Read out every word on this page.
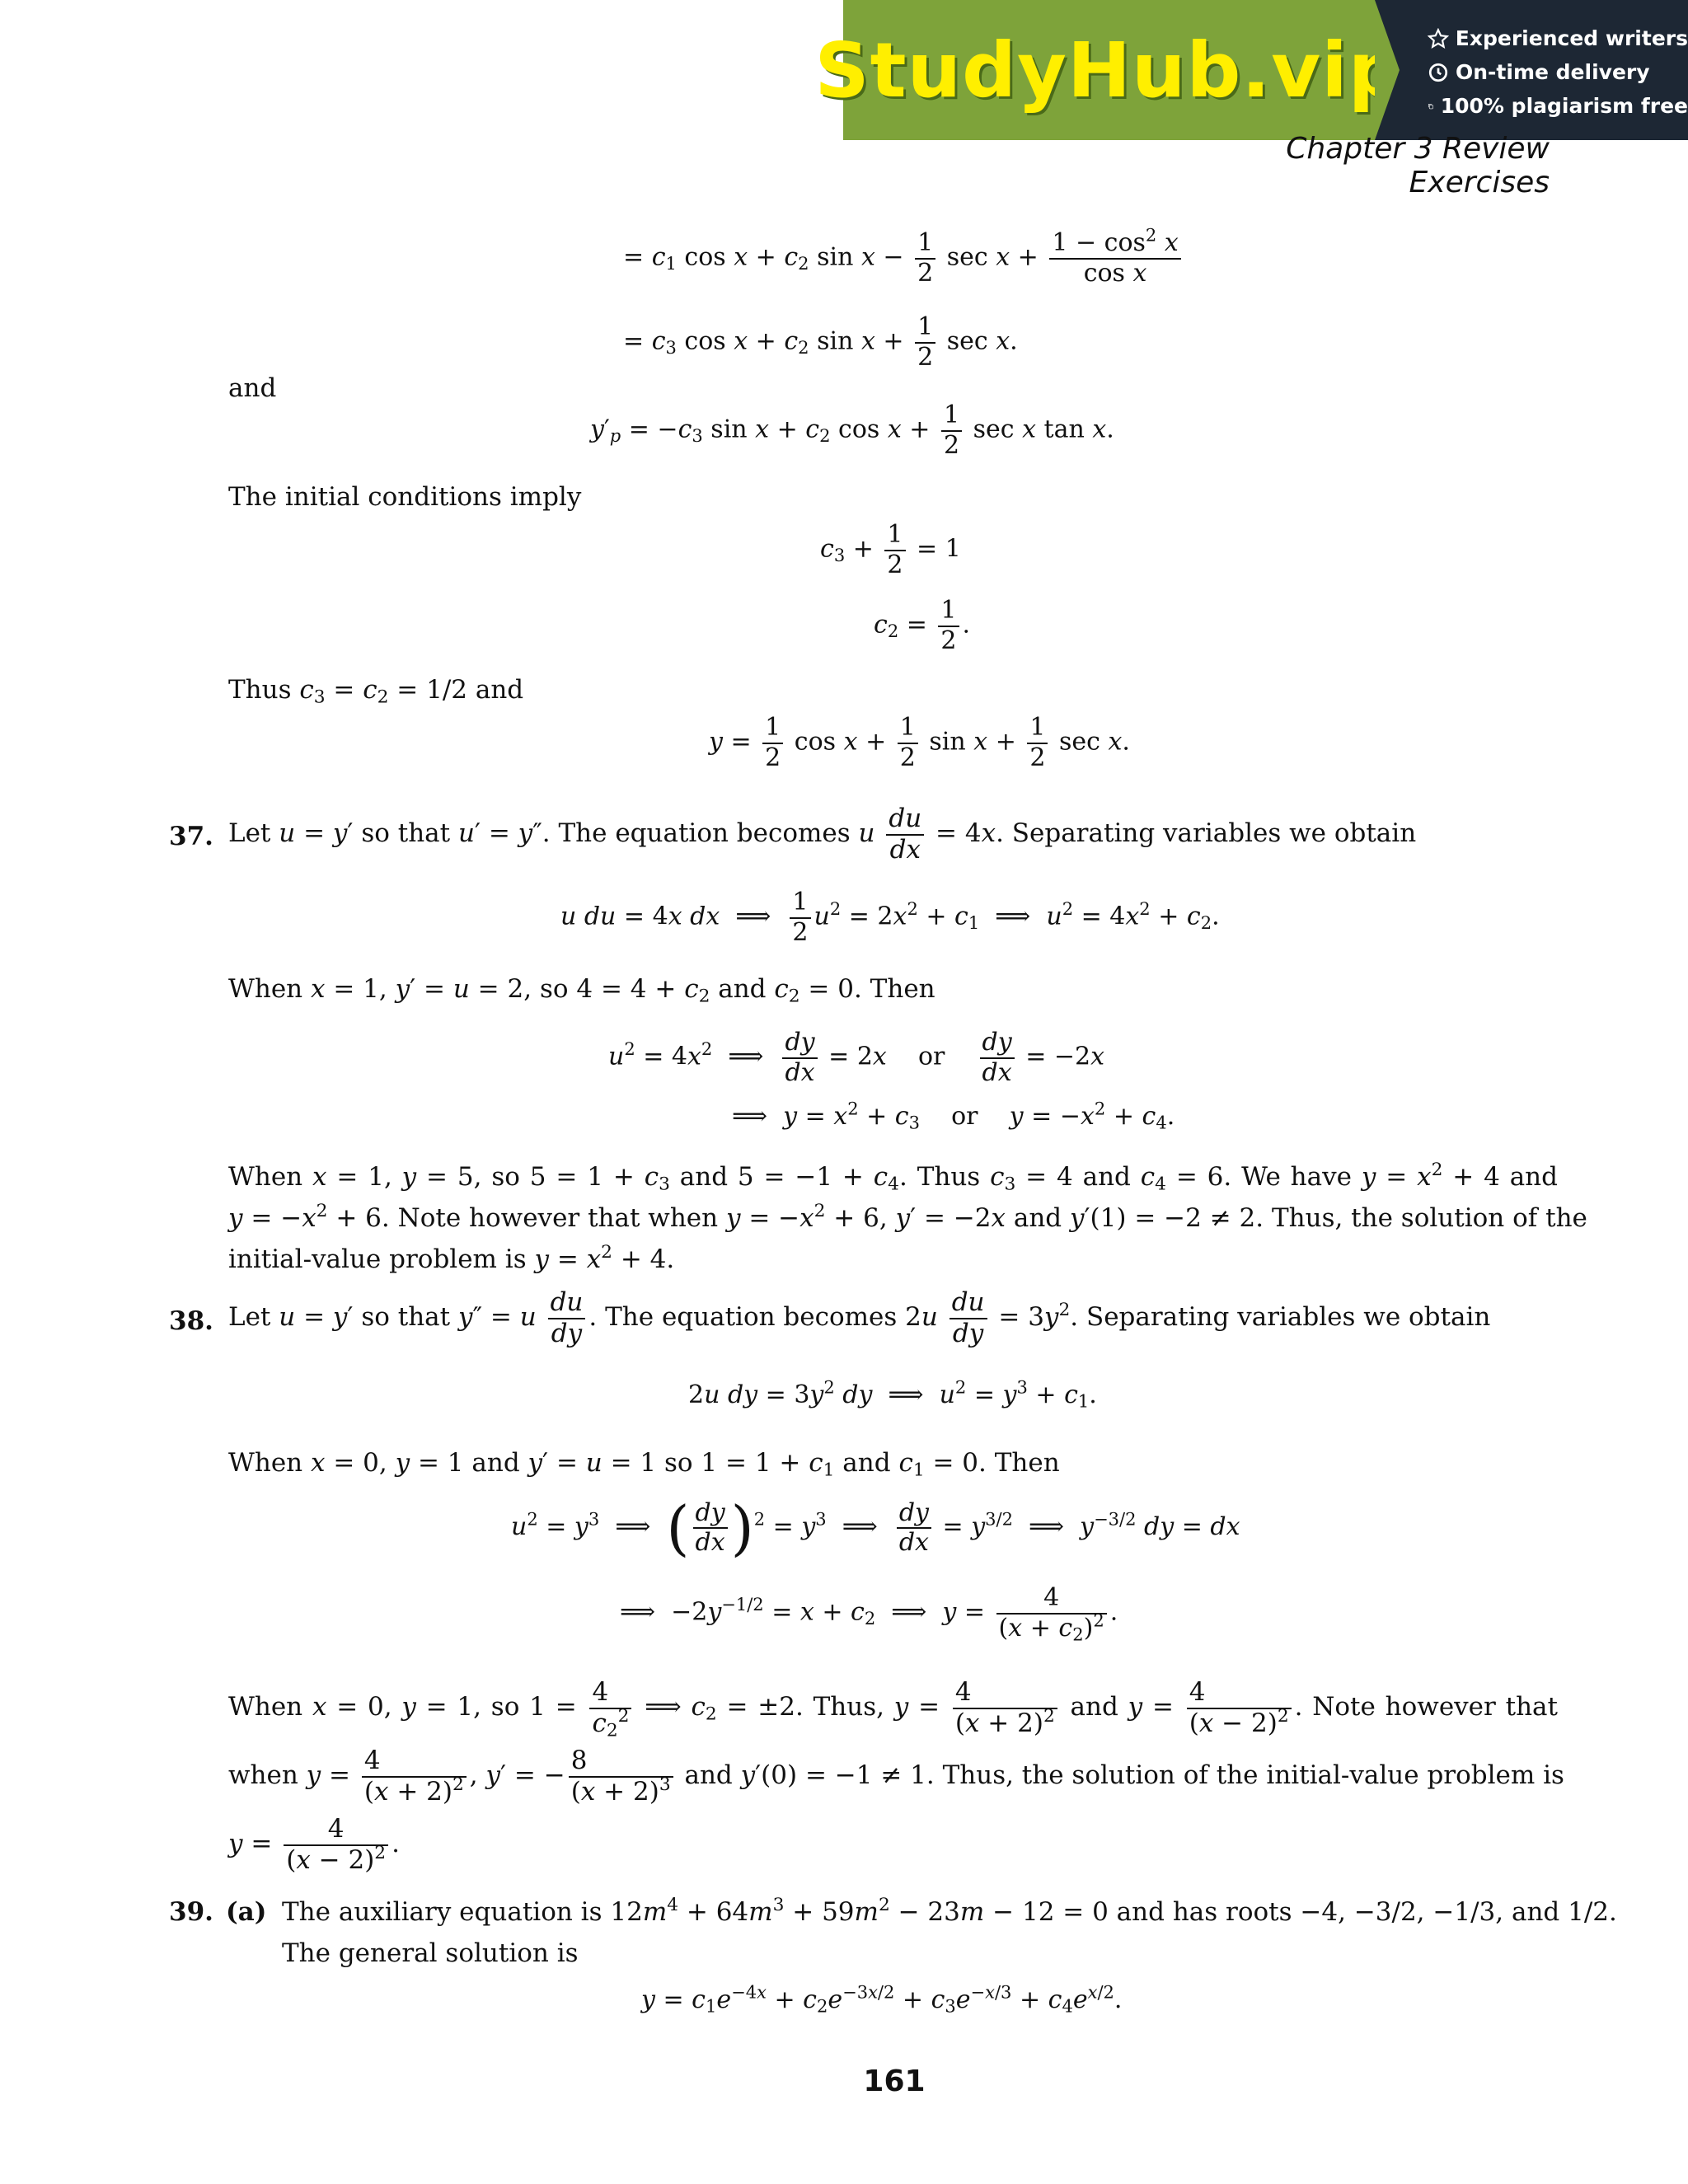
StudyHub.vip	Experienced writers
On-time delivery
100% plagiarism free
Chapter 3 Review Exercises
= $c_1$ $\cos x + c_2$ $\sin x - \frac{1}{2}$ $\sec x + \frac{1 - \cos^2 x}{\text{cos x}}$
= $c_3$ $\cos x + c_2$ $\sin x + \frac{1}{2}$ sec x.
and
$y'_p = -c_3$ $\sin x + c_2$ $\cos x + \frac{1}{2}$ sec x tan x.
The initial conditions imply
$c_3 + \frac{1}{2} = 1$
$c_2 = \frac{1}{2}$ .
Thus $c_3 = c_2 = 1/2$ and
$y = \frac{1}{2}$ $\cos x + \frac{1}{2}$ $\sin x + \frac{1}{2}$ sec x.
37. Let u = y′ so that u′ = y″. The equation becomes u $\frac{du}{dx} = 4x$. Separating variables we obtain
u du = 4x dx  ⟹ $\frac{1}{2} u^2 = 2x^2 + c_1$  ⟹  $u^2 = 4x^2 + c_2$.
When x = 1, y′ = u = 2, so $4 = 4 + c_2$ and $c_2 = 0$. Then
$u^2 = 4x^2$  ⟹ $\frac{dy}{dx} = 2x$    or $\frac{dy}{dx} = -2x$
⟹  $y = x^2 + c_3$    or    $y = -x^2 + c_4$.
When x = 1, y = 5, so $5 = 1 + c_3$ and $5 = -1 + c_4$. Thus $c_3 = 4$ and $c_4 = 6$. We have $y = x^2 + 4$ and
$y = -x^2 + 6$. Note however that when $y = -x^2 + 6$, y′ = −2x and y′(1) = −2 ≠ 2. Thus, the solution of the
initial-value problem is $y = x^2 + 4$.
38. Let u = y′ so that y″ = u $\frac{du}{dy}$ . The equation becomes $2u \frac{du}{dy} = 3y^2$. Separating variables we obtain
2u dy = $3y^2$ dy  ⟹  $u^2 = y^3 + c_1$.
When x = 0, y = 1 and y′ = u = 1 so $1 = 1 + c_1$ and $c_1 = 0$. Then
$u^2 = y^3$  ⟹  ( $\frac{dy}{dx} )^2 = y^3$  ⟹ $\frac{dy}{dx} = y^{3/2}$  ⟹  $y^{-3/2}$ dy = dx
⟹  $-2y^{-1/2} = x + c_2$  ⟹  $y = \frac{4}{(x + c_2)^2}$ .
When x = 0, y = 1, so $1 = \frac{4}{c_2^2}$ ⟹ $c_2 = \pm 2$. Thus, $y = \frac{4}{(x + 2)^2}$ and $y = \frac{4}{(x - 2)^2}$ . Note however that
when $y = \frac{4}{(x + 2)^2}$ , y′ = − $\frac{8}{(x + 2)^3}$ and y′(0) = −1 ≠ 1. Thus, the solution of the initial-value problem is
$y = \frac{4}{(x - 2)^2}$ .
39. (a) The auxiliary equation is $12m^4 + 64m^3 + 59m^2 - 23m - 12 = 0$ and has roots −4, −3/2, −1/3, and 1/2.
The general solution is
$y = c_1e^{-4x} + c_2e^{-3x/2} + c_3e^{-x/3} + c_4e^{x/2}$.
161
